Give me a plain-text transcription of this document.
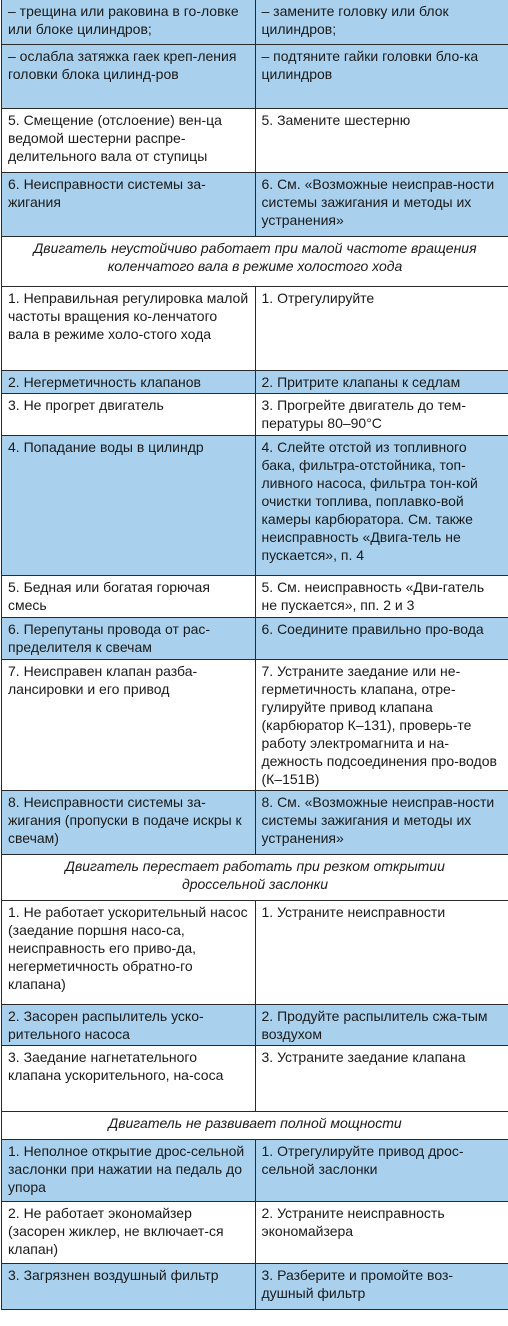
– трещина или раковина в го-ловке или блоке цилиндров;	– замените головку или блок цилиндров;
– ослабла затяжка гаек креп-ления головки блока цилинд-ров	– подтяните гайки головки бло-ка цилиндров
5. Смещение (отслоение) вен-ца ведомой шестерни распре-делительного вала от ступицы	5. Замените шестерню
6. Неисправности системы за-жигания	6. См. «Возможные неисправ-ности системы зажигания и методы их устранения»
Двигатель неустойчиво работает при малой частоте вращения коленчатого вала в режиме холостого хода	
1. Неправильная регулировка малой частоты вращения ко-ленчатого вала в режиме холо-стого хода	1. Отрегулируйте
2. Негерметичность клапанов	2. Притрите клапаны к седлам
3. Не прогрет двигатель	3. Прогрейте двигатель до тем-пературы 80–90°С
4. Попадание воды в цилиндр	4. Слейте отстой из топливного бака, фильтра-отстойника, топ-ливного насоса, фильтра тон-кой очистки топлива, поплавко-вой камеры карбюратора. См. также неисправность «Двига-тель не пускается», п. 4
5. Бедная или богатая горючая смесь	5. См. неисправность «Дви-гатель не пускается», пп. 2 и 3
6. Перепутаны провода от рас-пределителя к свечам	6. Соедините правильно про-вода
7. Неисправен клапан разба-лансировки и его привод	7. Устраните заедание или не-герметичность клапана, отре-гулируйте привод клапана (карбюратор К–131), проверь-те работу электромагнита и на-дежность подсоединения про-водов (К–151В)
8. Неисправности системы за-жигания (пропуски в подаче искры к свечам)	8. См. «Возможные неисправ-ности системы зажигания и методы их устранения»
Двигатель перестает работать при резком открытии дроссельной заслонки	
1. Не работает ускорительный насос (заедание поршня наcо-са, неисправность его приво-да, негерметичность обратно-го клапана)	1. Устраните неисправности
2. Засорен распылитель уско-рительного насоса	2. Продуйте распылитель сжа-тым воздухом
3. Заедание нагнетательного клапана ускорительного, на-соса	3. Устраните заедание клапана
Двигатель не развивает полной мощности	
1. Неполное открытие дрос-сельной заслонки при нажатии на педаль до упора	1. Отрегулируйте привод дрос-сельной заслонки
2. Не работает экономайзер (засорен жиклер, не включает-ся клапан)	2. Устраните неисправность экономайзера
3. Загрязнен воздушный фильтр	3. Разберите и промойте воз-душный фильтр
